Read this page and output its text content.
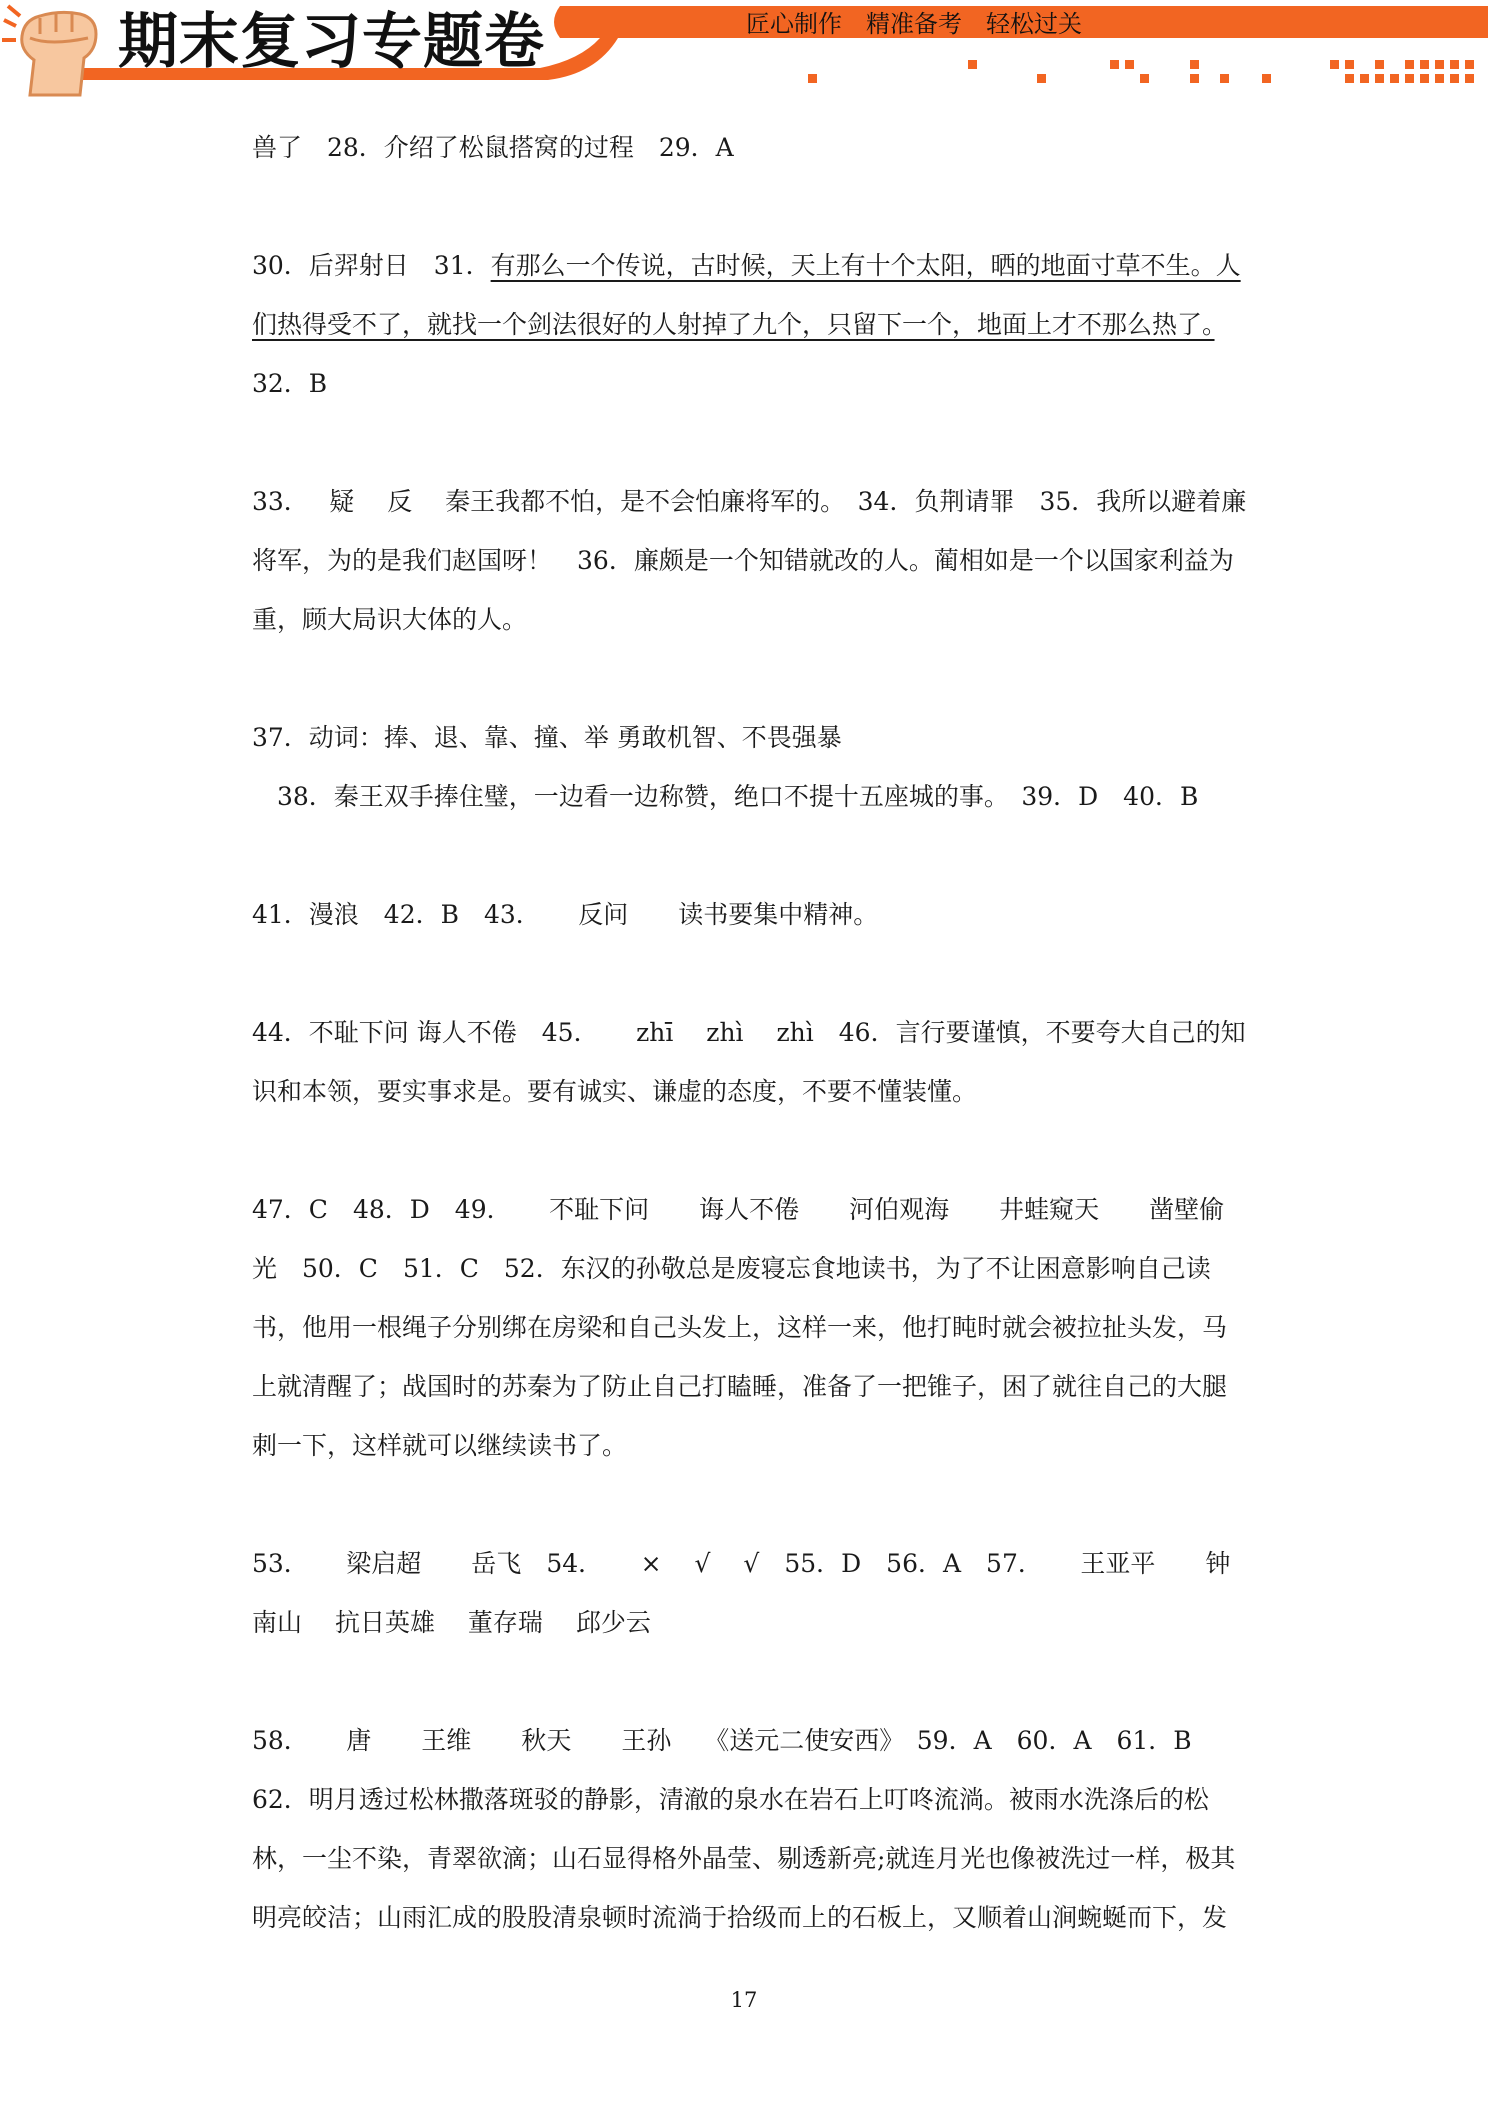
期末复习专题卷	匠心制作　精准备考　轻松过关

兽了　28．介绍了松鼠搭窝的过程　29．A

30．后羿射日　31．有那么一个传说，古时候，天上有十个太阳，晒的地面寸草不生。人们热得受不了，就找一个剑法很好的人射掉了九个，只留下一个，地面上才不那么热了。　32．B

33．　 疑　 反　 秦王我都不怕，是不会怕廉将军的。　34．负荆请罪　35．我所以避着廉将军，为的是我们赵国呀！　36．廉颇是一个知错就改的人。蔺相如是一个以国家利益为重，顾大局识大体的人。

37．动词：捧、退、靠、撞、举 勇敢机智、不畏强暴

　38．秦王双手捧住璧，一边看一边称赞，绝口不提十五座城的事。　39．D　40．B

41．漫浪　42．B　43．　　反问　　读书要集中精神。

44．不耻下问 诲人不倦　45．　　zhī　 zhì　 zhì　46．言行要谨慎，不要夸大自己的知识和本领，要实事求是。要有诚实、谦虚的态度，不要不懂装懂。

47．C　48．D　49．　　不耻下问　　诲人不倦　　河伯观海　　井蛙窥天　　凿壁偷光　50．C　51．C　52．东汉的孙敬总是废寝忘食地读书，为了不让困意影响自己读书，他用一根绳子分别绑在房梁和自己头发上，这样一来，他打盹时就会被拉扯头发，马上就清醒了；战国时的苏秦为了防止自己打瞌睡，准备了一把锥子，困了就往自己的大腿刺一下，这样就可以继续读书了。

53．　　梁启超　　岳飞　54．　　×　 √　 √　55．D　56．A　57．　　王亚平　　钟南山　 抗日英雄　 董存瑞　 邱少云

58．　　唐　　王维　　秋天　　王孙　 《送元二使安西》　59．A　60．A　61．B　62．明月透过松林撒落斑驳的静影，清澈的泉水在岩石上叮咚流淌。被雨水洗涤后的松林，一尘不染，青翠欲滴；山石显得格外晶莹、剔透新亮;就连月光也像被洗过一样，极其明亮皎洁；山雨汇成的股股清泉顿时流淌于拾级而上的石板上，又顺着山涧蜿蜒而下，发

17
